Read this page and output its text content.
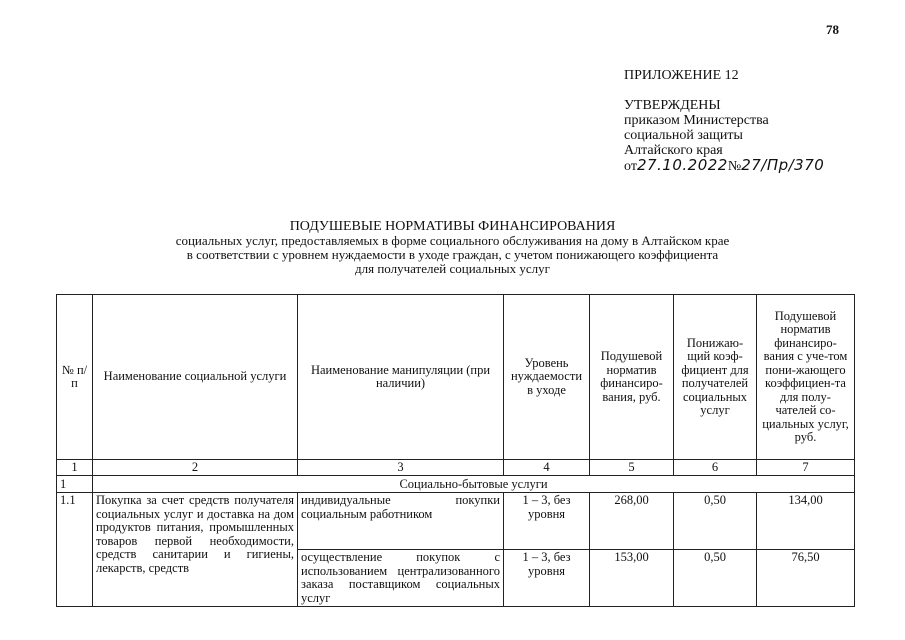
78
ПРИЛОЖЕНИЕ 12
УТВЕРЖДЕНЫ
приказом Министерства
социальной защиты
Алтайского края
от27.10.2022№27/Пр/370
ПОДУШЕВЫЕ НОРМАТИВЫ ФИНАНСИРОВАНИЯ
социальных услуг, предоставляемых в форме социального обслуживания на дому в Алтайском крае
в соответствии с уровнем нуждаемости в уходе граждан, с учетом понижающего коэффициента
для получателей социальных услуг
№ п/п	Наименование социальной услуги	Наименование манипуляции (при наличии)	Уровень нуждаемости в уходе	Подушевой норматив финансиро-вания, руб.	Понижаю-щий коэф-фициент для получателей социальных услуг	Подушевой норматив финансиро-вания с уче-том пони-жающего коэффициен-та для полу-чателей со-циальных услуг, руб.
1	2	3	4	5	6	7
1	Социально-бытовые услуги					
1.1	Покупка за счет средств получателя социальных услуг и доставка на дом продуктов питания, промышленных товаров первой необходимости, средств санитарии и гигиены, лекарств, средств	индивидуальные покупки социальным работником	1 – 3, без уровня	268,00	0,50	134,00
		осуществление покупок с использованием централизованного заказа поставщиком социальных услуг	1 – 3, без уровня	153,00	0,50	76,50
